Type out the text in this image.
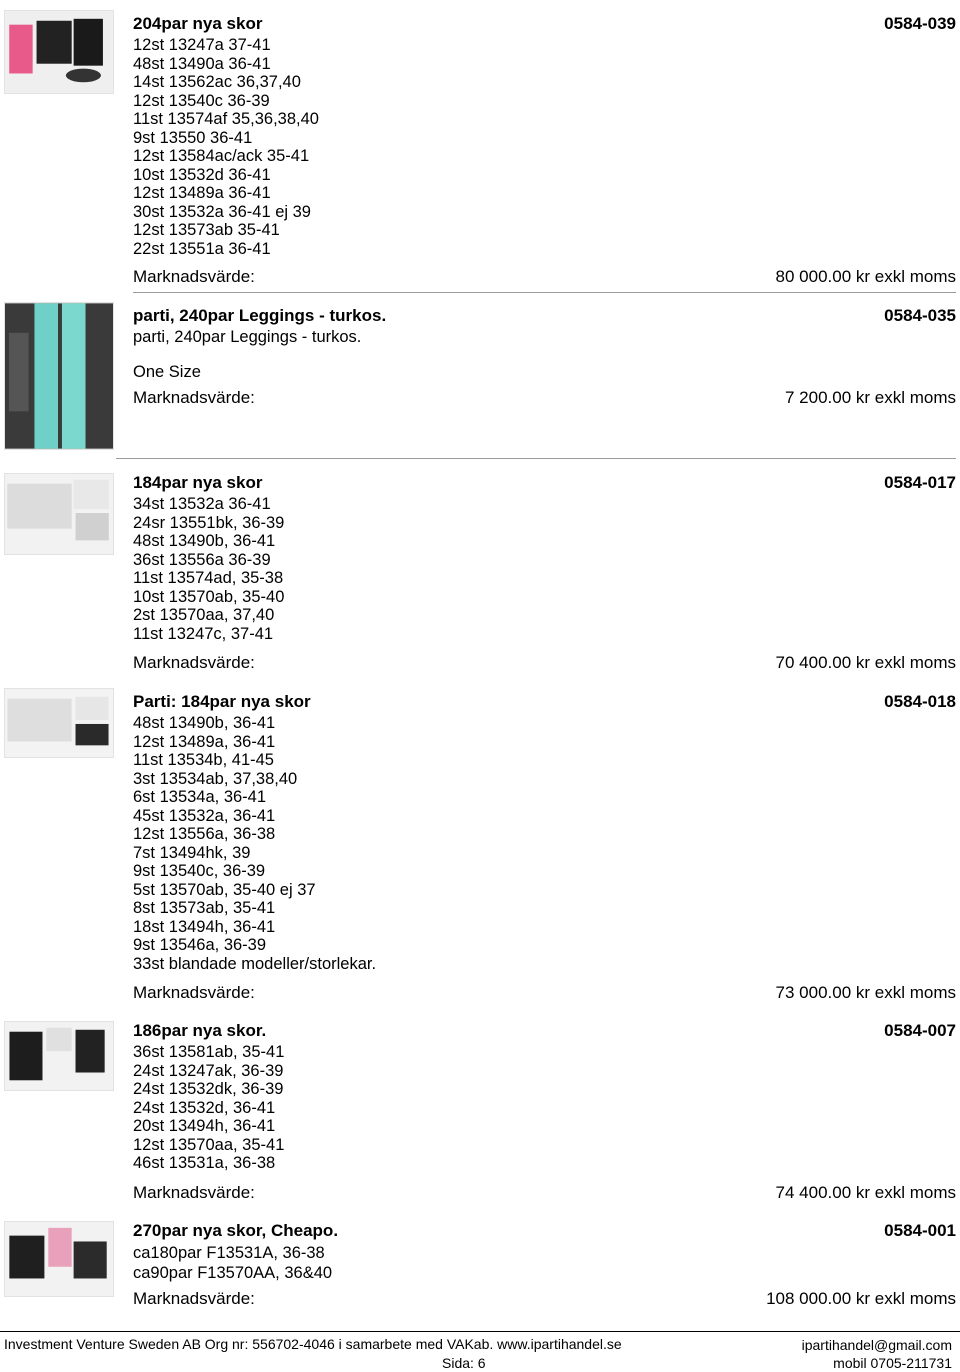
204par nya skor	0584-039
12st 13247a 37-41
48st 13490a 36-41
14st 13562ac 36,37,40
12st 13540c 36-39
11st 13574af 35,36,38,40
9st 13550 36-41
12st 13584ac/ack 35-41
10st 13532d 36-41
12st 13489a 36-41
30st 13532a 36-41 ej 39
12st 13573ab 35-41
22st 13551a 36-41
Marknadsvärde:	80 000.00 kr exkl moms
parti, 240par Leggings - turkos.	0584-035
parti, 240par Leggings - turkos.
One Size
Marknadsvärde:	7 200.00 kr exkl moms
184par nya skor	0584-017
34st 13532a 36-41
24sr 13551bk, 36-39
48st 13490b, 36-41
36st 13556a 36-39
11st 13574ad, 35-38
10st 13570ab, 35-40
2st 13570aa, 37,40
11st 13247c, 37-41
Marknadsvärde:	70 400.00 kr exkl moms
Parti: 184par nya skor	0584-018
48st 13490b, 36-41
12st 13489a, 36-41
11st 13534b, 41-45
3st 13534ab, 37,38,40
6st 13534a, 36-41
45st 13532a, 36-41
12st 13556a, 36-38
7st 13494hk, 39
9st 13540c, 36-39
5st 13570ab, 35-40 ej 37
8st 13573ab, 35-41
18st 13494h, 36-41
9st 13546a, 36-39
33st blandade modeller/storlekar.
Marknadsvärde:	73 000.00 kr exkl moms
186par nya skor.	0584-007
36st 13581ab, 35-41
24st 13247ak, 36-39
24st 13532dk, 36-39
24st 13532d, 36-41
20st 13494h, 36-41
12st 13570aa, 35-41
46st 13531a, 36-38
Marknadsvärde:	74 400.00 kr exkl moms
270par nya skor, Cheapo.	0584-001
ca180par F13531A, 36-38
ca90par F13570AA, 36&40
Marknadsvärde:	108 000.00 kr exkl moms
Investment Venture Sweden AB Org nr: 556702-4046 i samarbete med VAKab. www.ipartihandel.se
Sida: 6
ipartihandel@gmail.com
mobil 0705-211731
